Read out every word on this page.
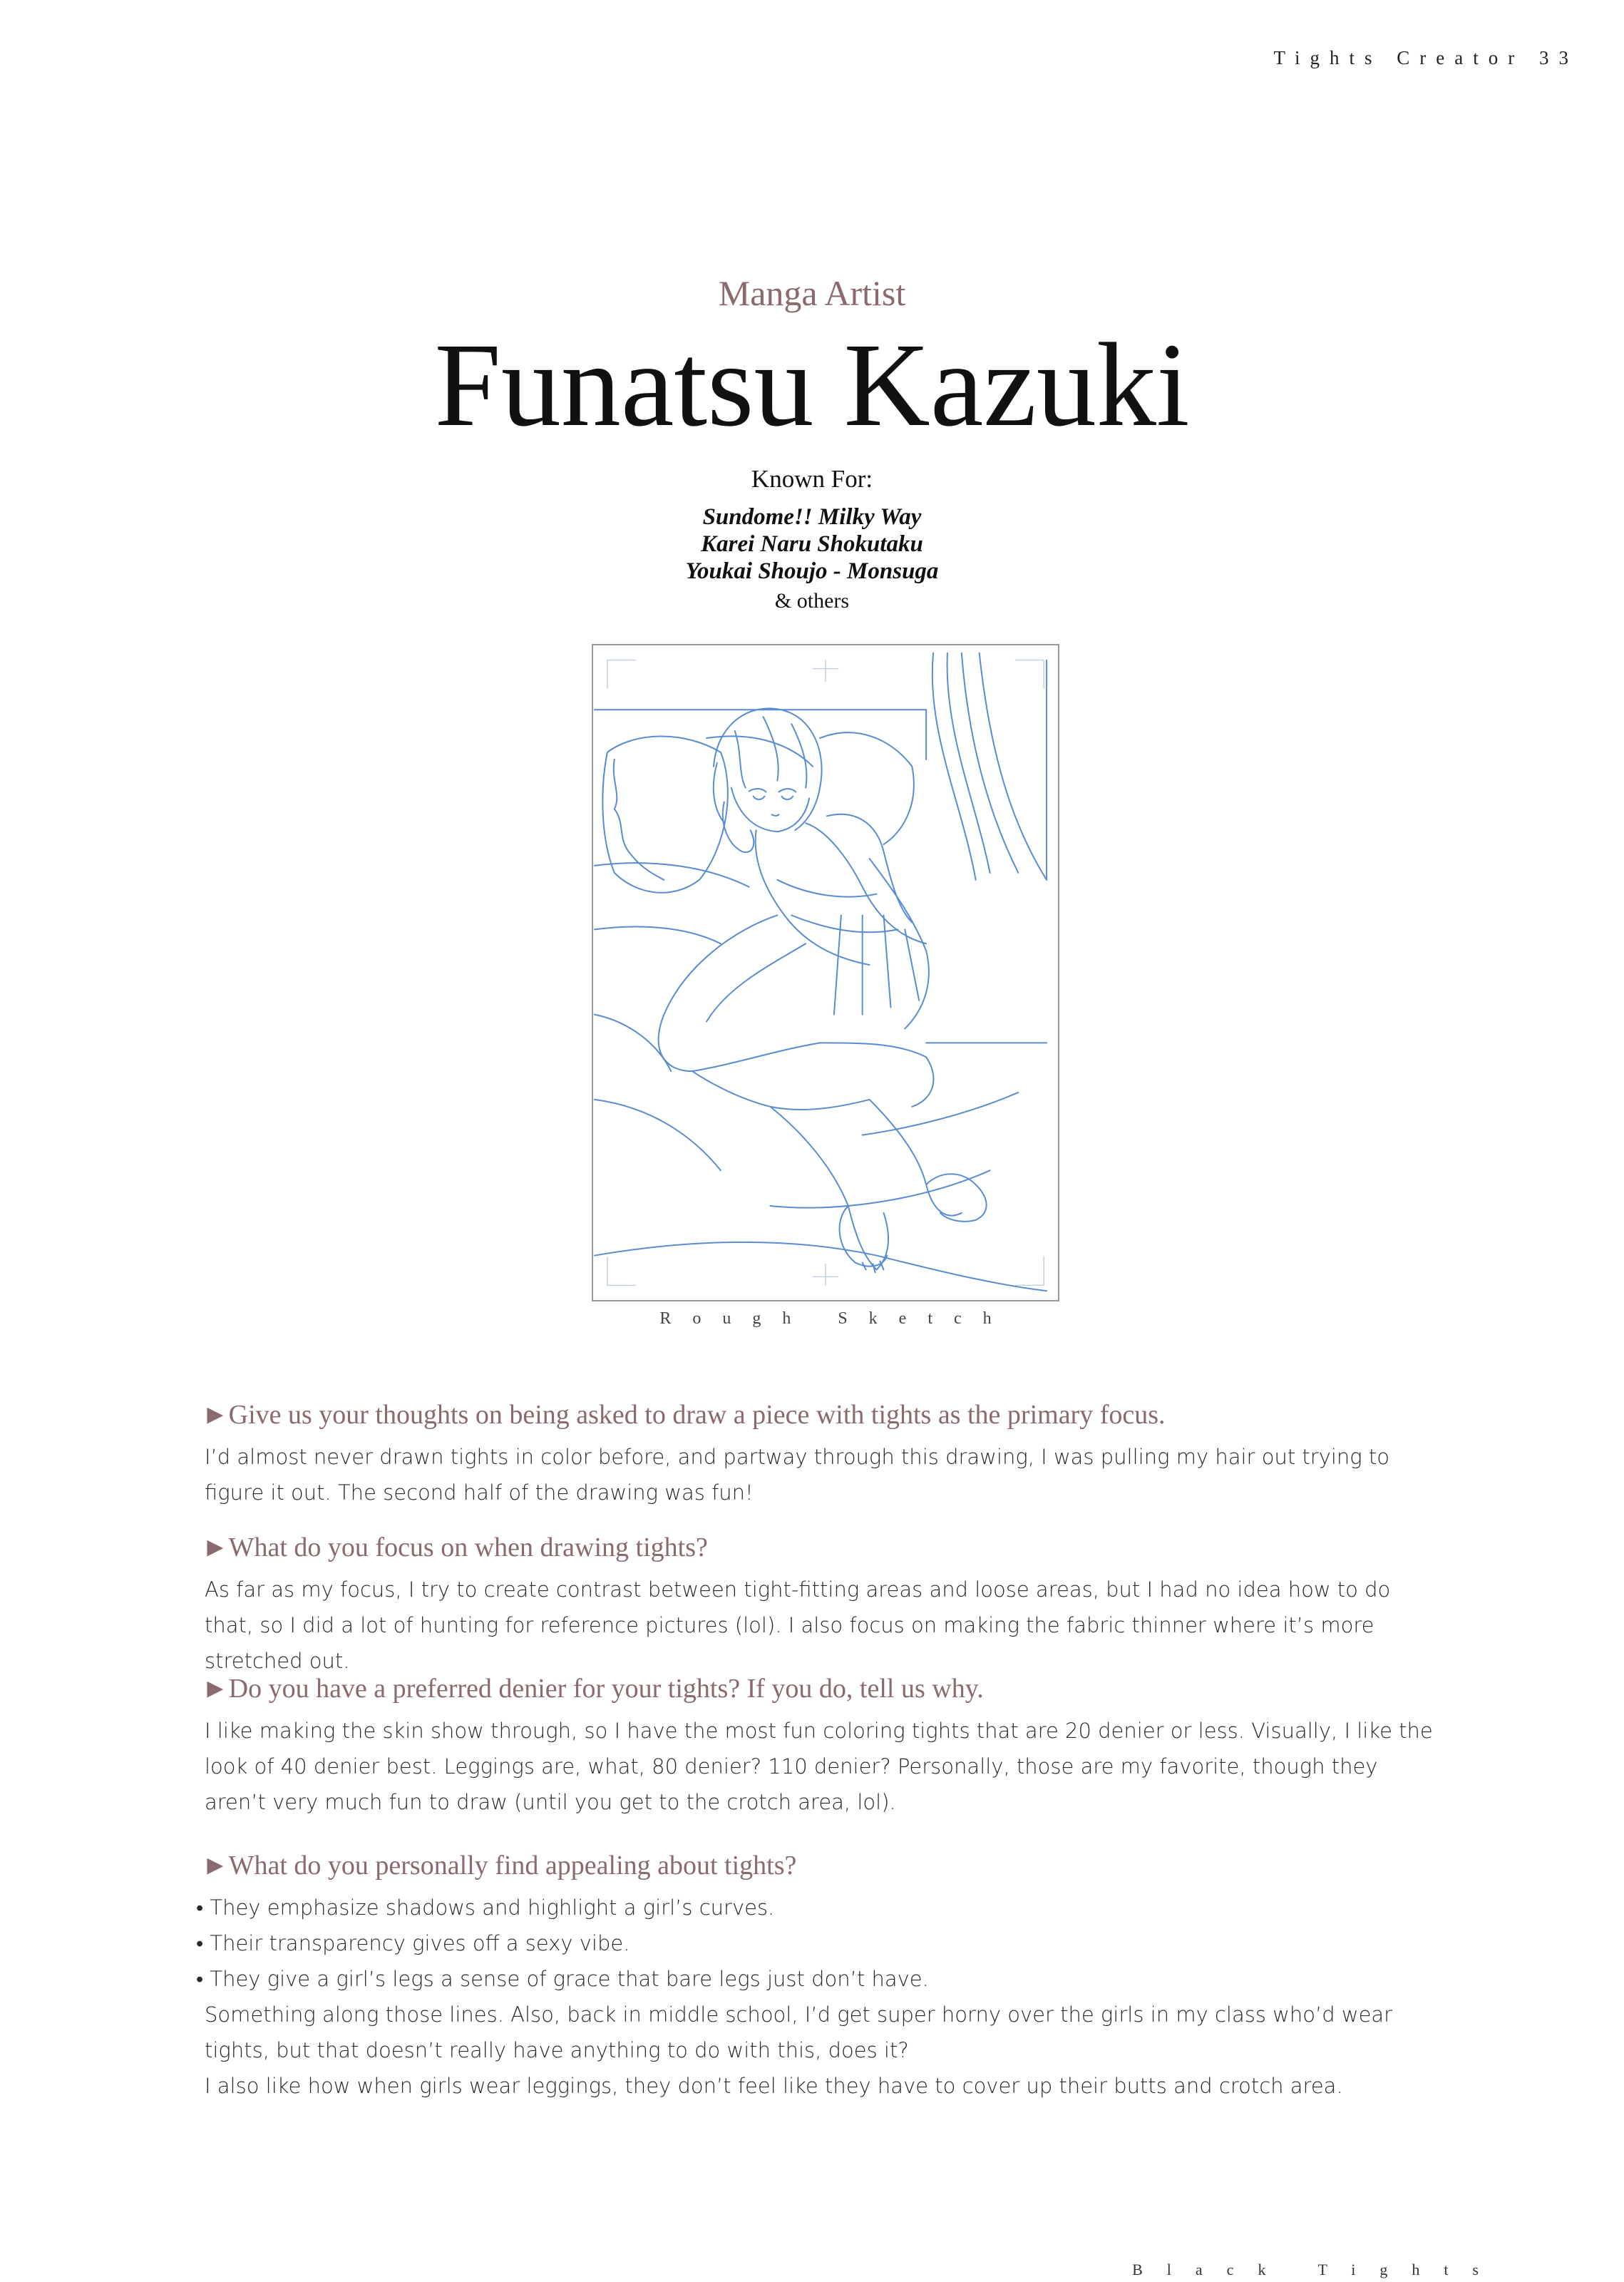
Tights Creator 33
Manga Artist
Funatsu Kazuki
Known For:
Sundome!! Milky Way
Karei Naru Shokutaku
Youkai Shoujo - Monsuga
& others
Rough Sketch
►Give us your thoughts on being asked to draw a piece with tights as the primary focus.
I’d almost never drawn tights in color before, and partway through this drawing, I was pulling my hair out trying to figure it out. The second half of the drawing was fun!
►What do you focus on when drawing tights?
As far as my focus, I try to create contrast between tight-fitting areas and loose areas, but I had no idea how to do that, so I did a lot of hunting for reference pictures (lol). I also focus on making the fabric thinner where it’s more stretched out.
►Do you have a preferred denier for your tights? If you do, tell us why.
I like making the skin show through, so I have the most fun coloring tights that are 20 denier or less. Visually, I like the look of 40 denier best. Leggings are, what, 80 denier? 110 denier? Personally, those are my favorite, though they aren’t very much fun to draw (until you get to the crotch area, lol).
►What do you personally find appealing about tights?

• They emphasize shadows and highlight a girl’s curves.

• Their transparency gives off a sexy vibe.

• They give a girl’s legs a sense of grace that bare legs just don’t have.

Something along those lines. Also, back in middle school, I’d get super horny over the girls in my class who’d wear tights, but that doesn’t really have anything to do with this, does it?

I also like how when girls wear leggings, they don’t feel like they have to cover up their butts and crotch area.

Black Tights
